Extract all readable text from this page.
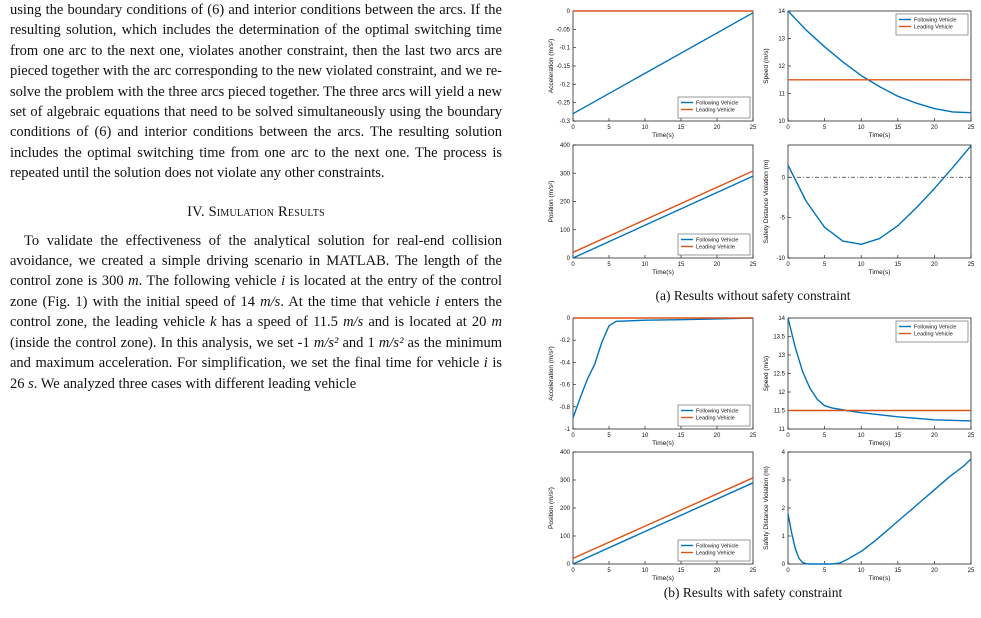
using the boundary conditions of (6) and interior conditions between the arcs. If the resulting solution, which includes the determination of the optimal switching time from one arc to the next one, violates another constraint, then the last two arcs are pieced together with the arc corresponding to the new violated constraint, and we re-solve the problem with the three arcs pieced together. The three arcs will yield a new set of algebraic equations that need to be solved simultaneously using the boundary conditions of (6) and interior conditions between the arcs. The resulting solution includes the optimal switching time from one arc to the next one. The process is repeated until the solution does not violate any other constraints.

IV. Simulation Results

To validate the effectiveness of the analytical solution for real-end collision avoidance, we created a simple driving scenario in MATLAB. The length of the control zone is 300 m. The following vehicle i is located at the entry of the control zone (Fig. 1) with the initial speed of 14 m/s. At the time that vehicle i enters the control zone, the leading vehicle k has a speed of 11.5 m/s and is located at 20 m (inside the control zone). In this analysis, we set -1 m/s² and 1 m/s² as the minimum and maximum acceleration. For simplification, we set the final time for vehicle i is 26 s. We analyzed three cases with different leading vehicle

0	5	10	15	20	25
-0.3
-0.25
-0.2
-0.15
-0.1
-0.05
0
Time(s)
Acceleration (m/s²)
Following Vehicle
Leading Vehicle
0	5	10	15	20	25
10
11
12
13
14
Time(s)
Speed (m/s)
Following Vehicle
Leading Vehicle
0	5	10	15	20	25
0
100
200
300
400
Time(s)
Position (m/s²)
Following Vehicle
Leading Vehicle
0	5	10	15	20	25
-10
-5
0
Time(s)
Safety Distance Violation (m)
(a) Results without safety constraint
0	5	10	15	20	25
-1
-0.8
-0.6
-0.4
-0.2
0
Time(s)
Acceleration (m/s²)
Following Vehicle
Leading Vehicle
0	5	10	15	20	25
11
11.5
12
12.5
13
13.5
14
Time(s)
Speed (m/s)
Following Vehicle
Leading Vehicle
0	5	10	15	20	25
0
100
200
300
400
Time(s)
Position (m/s²)
Following Vehicle
Leading Vehicle
0	5	10	15	20	25
0
1
2
3
4
Time(s)
Safety Distance Violation (m)
(b) Results with safety constraint
